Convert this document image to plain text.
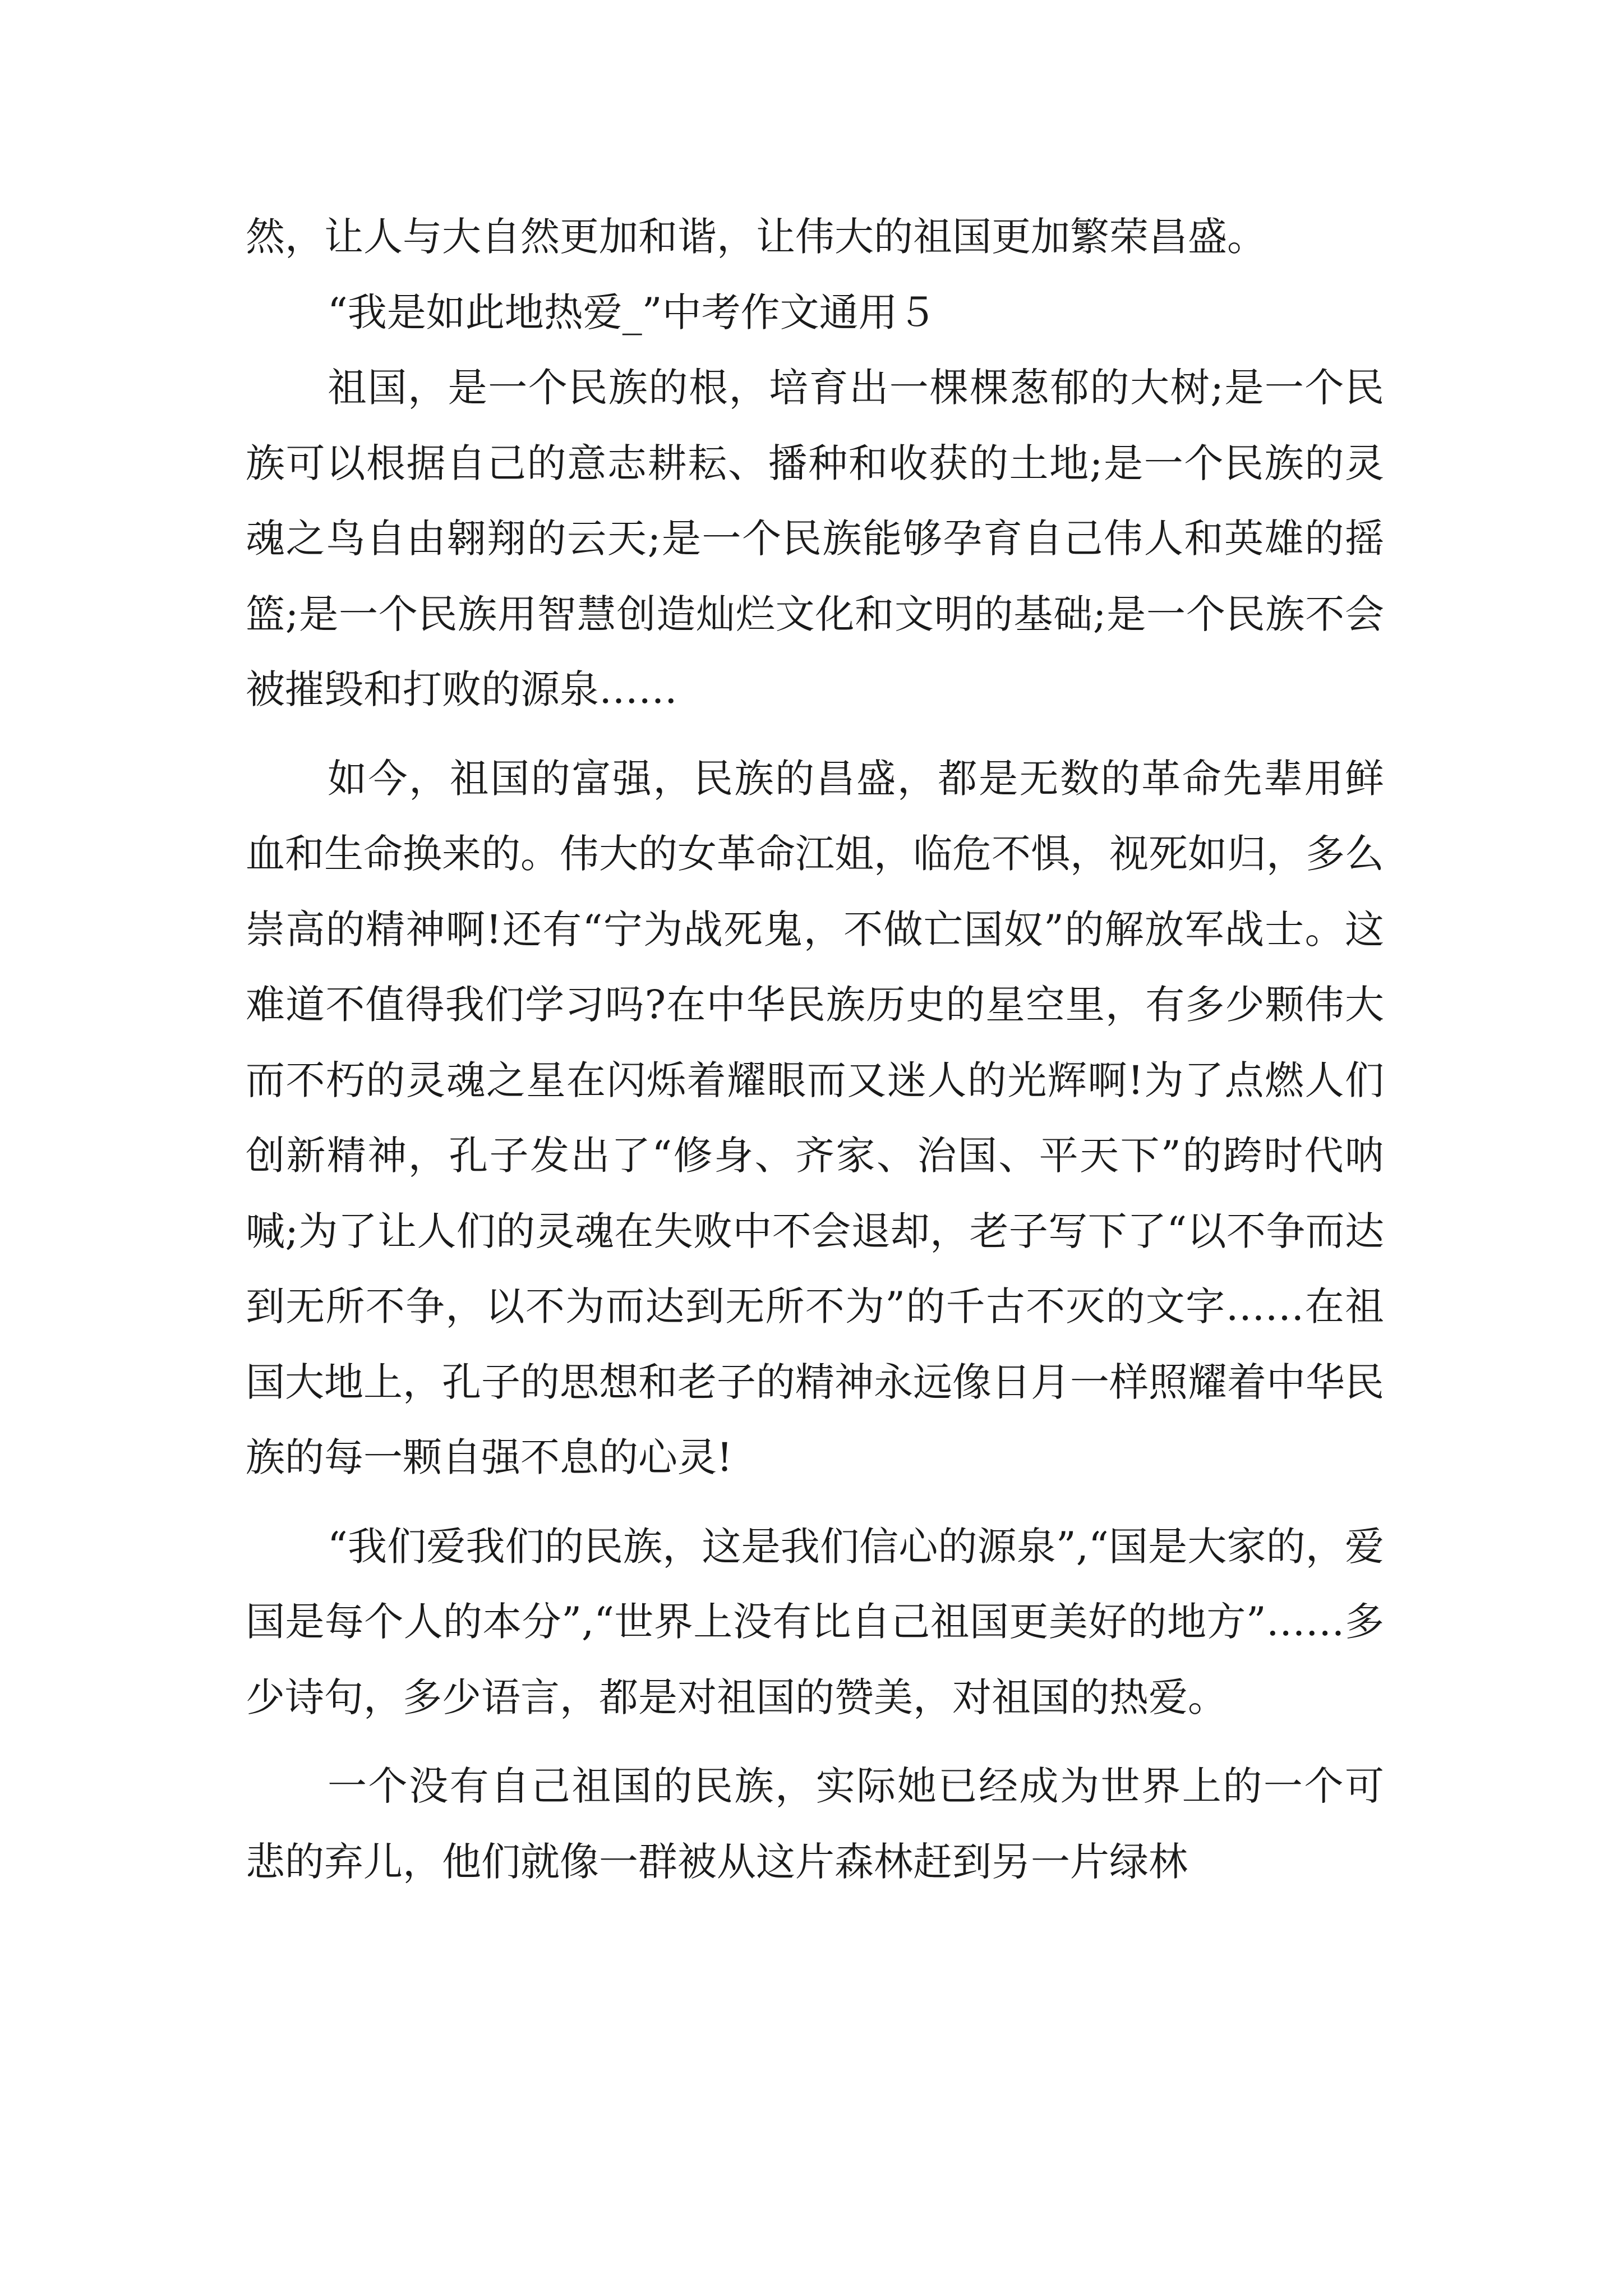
然，让人与大自然更加和谐，让伟大的祖国更加繁荣昌盛。

“我是如此地热爱_”中考作文通用５

祖国，是一个民族的根，培育出一棵棵葱郁的大树;是一个民族可以根据自己的意志耕耘、播种和收获的土地;是一个民族的灵魂之鸟自由翱翔的云天;是一个民族能够孕育自己伟人和英雄的摇篮;是一个民族用智慧创造灿烂文化和文明的基础;是一个民族不会被摧毁和打败的源泉……

如今，祖国的富强，民族的昌盛，都是无数的革命先辈用鲜血和生命换来的。伟大的女革命江姐，临危不惧，视死如归，多么崇高的精神啊!还有“宁为战死鬼，不做亡国奴”的解放军战士。这难道不值得我们学习吗?在中华民族历史的星空里，有多少颗伟大而不朽的灵魂之星在闪烁着耀眼而又迷人的光辉啊!为了点燃人们创新精神，孔子发出了“修身、齐家、治国、平天下”的跨时代呐喊;为了让人们的灵魂在失败中不会退却，老子写下了“以不争而达到无所不争，以不为而达到无所不为”的千古不灭的文字……在祖国大地上，孔子的思想和老子的精神永远像日月一样照耀着中华民族的每一颗自强不息的心灵!

“我们爱我们的民族，这是我们信心的源泉”,“国是大家的，爱国是每个人的本分”,“世界上没有比自己祖国更美好的地方”……多少诗句，多少语言，都是对祖国的赞美，对祖国的热爱。

一个没有自己祖国的民族，实际她已经成为世界上的一个可悲的弃儿，他们就像一群被从这片森林赶到另一片绿林
